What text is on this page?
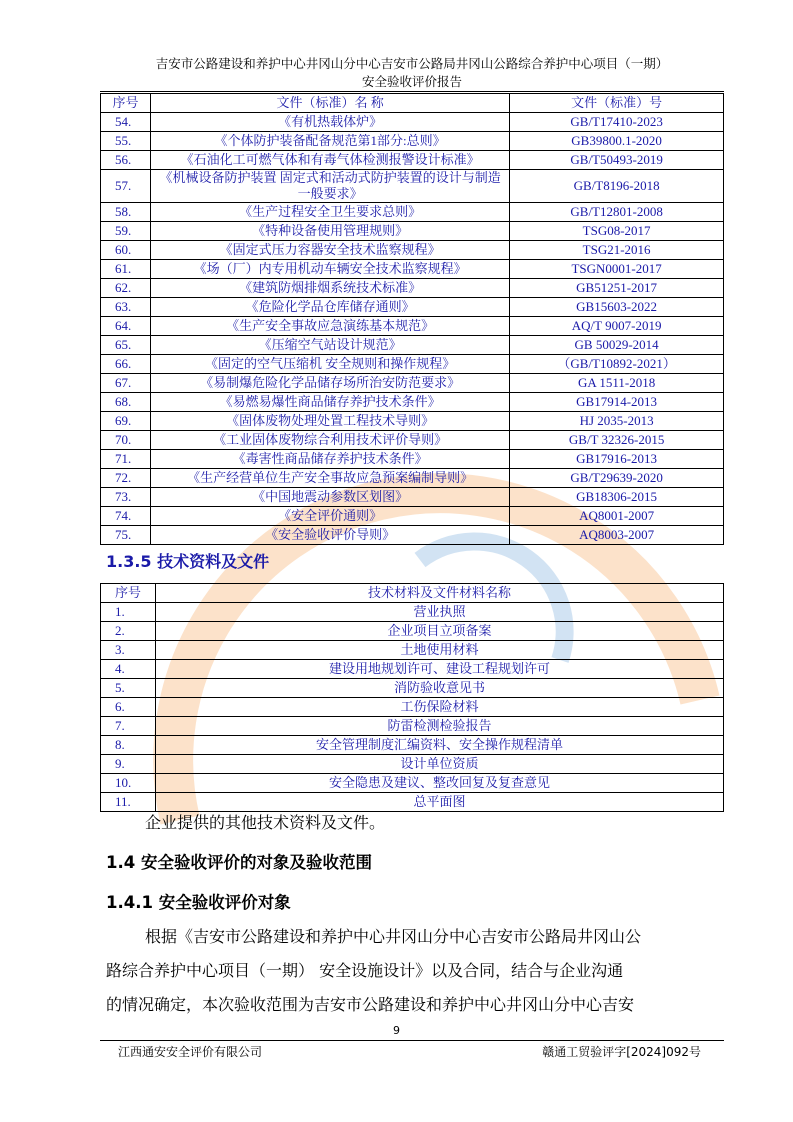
吉安市公路建设和养护中心井冈山分中心吉安市公路局井冈山公路综合养护中心项目（一期）
安全验收评价报告
序号	文件（标准）名 称	文件（标准）号
54.	《有机热载体炉》	GB/T17410-2023
55.	《个体防护装备配备规范第1部分:总则》	GB39800.1-2020
56.	《石油化工可燃气体和有毒气体检测报警设计标准》	GB/T50493-2019
57.	《机械设备防护装置 固定式和活动式防护装置的设计与制造一般要求》	GB/T8196-2018
58.	《生产过程安全卫生要求总则》	GB/T12801-2008
59.	《特种设备使用管理规则》	TSG08-2017
60.	《固定式压力容器安全技术监察规程》	TSG21-2016
61.	《场（厂）内专用机动车辆安全技术监察规程》	TSGN0001-2017
62.	《建筑防烟排烟系统技术标准》	GB51251-2017
63.	《危险化学品仓库储存通则》	GB15603-2022
64.	《生产安全事故应急演练基本规范》	AQ/T 9007-2019
65.	《压缩空气站设计规范》	GB 50029-2014
66.	《固定的空气压缩机 安全规则和操作规程》	（GB/T10892-2021）
67.	《易制爆危险化学品储存场所治安防范要求》	GA 1511-2018
68.	《易燃易爆性商品储存养护技术条件》	GB17914-2013
69.	《固体废物处理处置工程技术导则》	HJ 2035-2013
70.	《工业固体废物综合利用技术评价导则》	GB/T 32326-2015
71.	《毒害性商品储存养护技术条件》	GB17916-2013
72.	《生产经营单位生产安全事故应急预案编制导则》	GB/T29639-2020
73.	《中国地震动参数区划图》	GB18306-2015
74.	《安全评价通则》	AQ8001-2007
75.	《安全验收评价导则》	AQ8003-2007
1.3.5 技术资料及文件
序号	技术材料及文件材料名称
1.	营业执照
2.	企业项目立项备案
3.	土地使用材料
4.	建设用地规划许可、建设工程规划许可
5.	消防验收意见书
6.	工伤保险材料
7.	防雷检测检验报告
8.	安全管理制度汇编资料、安全操作规程清单
9.	设计单位资质
10.	安全隐患及建议、整改回复及复查意见
11.	总平面图
企业提供的其他技术资料及文件。
1.4 安全验收评价的对象及验收范围
1.4.1 安全验收评价对象
根据《吉安市公路建设和养护中心井冈山分中心吉安市公路局井冈山公
路综合养护中心项目（一期） 安全设施设计》以及合同，结合与企业沟通
的情况确定，本次验收范围为吉安市公路建设和养护中心井冈山分中心吉安
9
江西通安安全评价有限公司	赣通工贸验评字[2024]092号
